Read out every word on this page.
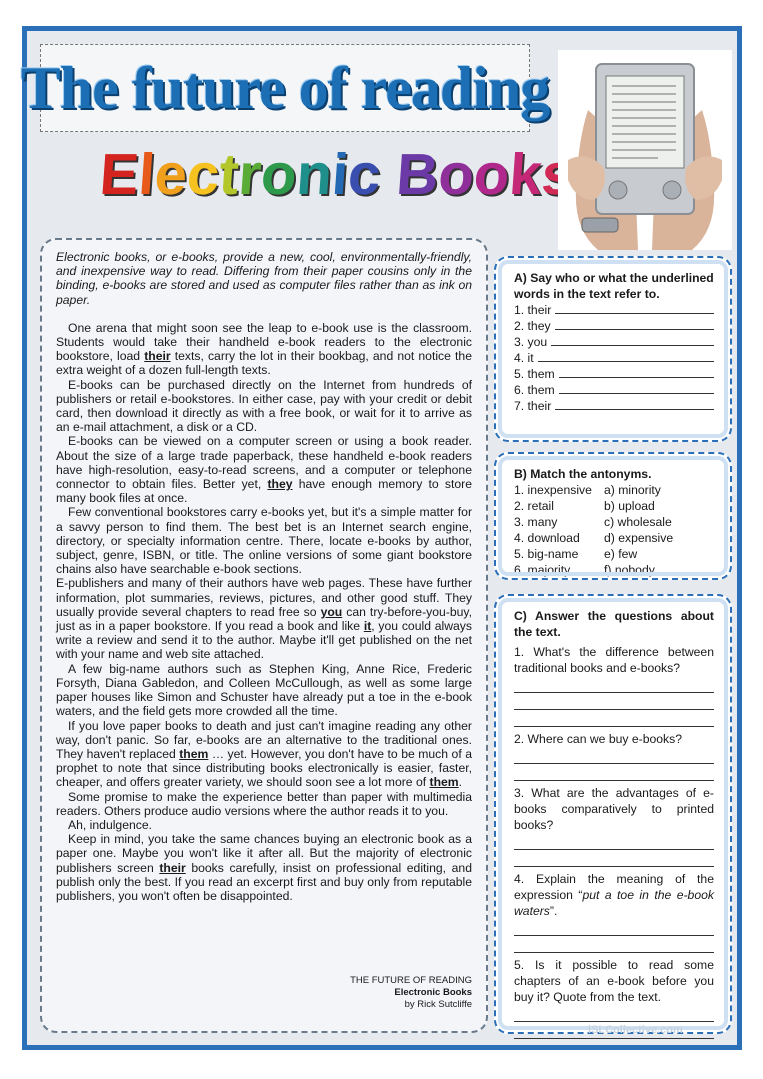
The future of reading
Electronic Book

Electronic books, or e-books, provide a new, cool, environmentally-friendly, and inexpensive way to read. Differing from their paper cousins only in the binding, e-books are stored and used as computer files rather than as ink on paper.

One arena that might soon see the leap to e-book use is the classroom. Students would take their handheld e-book readers to the electronic bookstore, load their texts, carry the lot in their bookbag, and not notice the extra weight of a dozen full-length texts.

E-books can be purchased directly on the Internet from hundreds of publishers or retail e-bookstores. In either case, pay with your credit or debit card, then download it directly as with a free book, or wait for it to arrive as an e-mail attachment, a disk or a CD.

E-books can be viewed on a computer screen or using a book reader. About the size of a large trade paperback, these handheld e-book readers have high-resolution, easy-to-read screens, and a computer or telephone connector to obtain files. Better yet, they have enough memory to store many book files at once.

Few conventional bookstores carry e-books yet, but it's a simple matter for a savvy person to find them. The best bet is an Internet search engine, directory, or specialty information centre. There, locate e-books by author, subject, genre, ISBN, or title. The online versions of some giant bookstore chains also have searchable e-book sections.

E-publishers and many of their authors have web pages. These have further information, plot summaries, reviews, pictures, and other good stuff. They usually provide several chapters to read free so you can try-before-you-buy, just as in a paper bookstore. If you read a book and like it, you could always write a review and send it to the author. Maybe it'll get published on the net with your name and web site attached.

A few big-name authors such as Stephen King, Anne Rice, Frederic Forsyth, Diana Gabledon, and Colleen McCullough, as well as some large paper houses like Simon and Schuster have already put a toe in the e-book waters, and the field gets more crowded all the time.

If you love paper books to death and just can't imagine reading any other way, don't panic. So far, e-books are an alternative to the traditional ones. They haven't replaced them … yet. However, you don't have to be much of a prophet to note that since distributing books electronically is easier, faster, cheaper, and offers greater variety, we should soon see a lot more of them.

Some promise to make the experience better than paper with multimedia readers. Others produce audio versions where the author reads it to you.

Ah, indulgence.

Keep in mind, you take the same chances buying an electronic book as a paper one. Maybe you won't like it after all. But the majority of electronic publishers screen their books carefully, insist on professional editing, and publish only the best. If you read an excerpt first and buy only from reputable publishers, you won't often be disappointed.

THE FUTURE OF READING
Electronic Books
by Rick Sutcliffe
A) Say who or what the underlined words in the text refer to.
1. their
2. they
3. you
4. it
5. them
6. them
7. their
B) Match the antonyms.
1. inexpensive a) minority
2. retail	b) upload
3. many	c) wholesale
4. download	d) expensive
5. big-name	e) few
6. majority	f) nobody
C) Answer the questions about the text.
1. What's the difference between traditional books and e-books?
2. Where can we buy e-books?
3. What are the advantages of e-books comparatively to printed books?
4. Explain the meaning of the expression “put a toe in the e-book waters”.
5. Is it possible to read some chapters of an e-book before you buy it? Quote from the text.
iSLCollective.com
